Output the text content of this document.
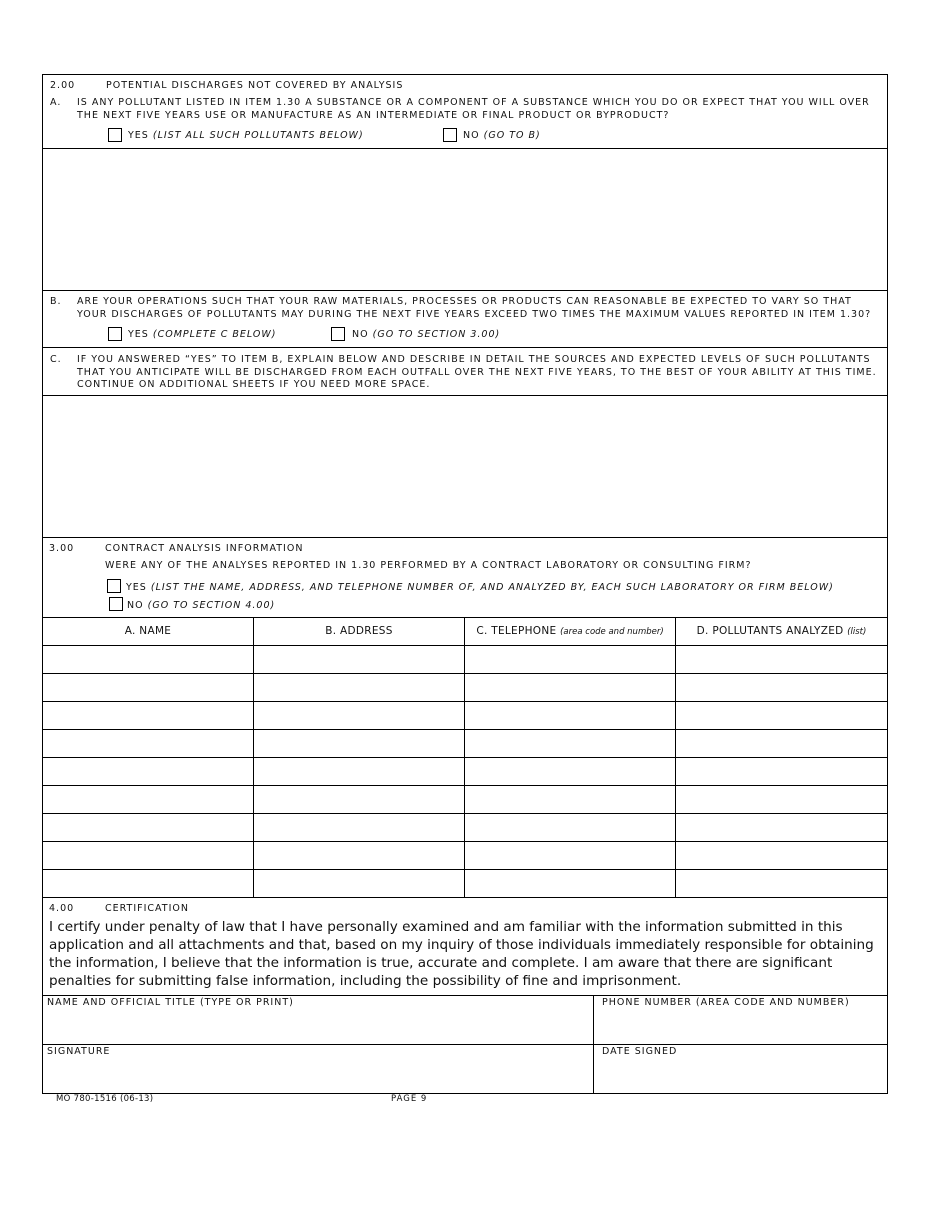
2.00	POTENTIAL DISCHARGES NOT COVERED BY ANALYSIS
A. IS ANY POLLUTANT LISTED IN ITEM 1.30 A SUBSTANCE OR A COMPONENT OF A SUBSTANCE WHICH YOU DO OR EXPECT THAT YOU WILL OVER THE NEXT FIVE YEARS USE OR MANUFACTURE AS AN INTERMEDIATE OR FINAL PRODUCT OR BYPRODUCT?
YES (LIST ALL SUCH POLLUTANTS BELOW)	NO (GO TO B)
B. ARE YOUR OPERATIONS SUCH THAT YOUR RAW MATERIALS, PROCESSES OR PRODUCTS CAN REASONABLE BE EXPECTED TO VARY SO THAT YOUR DISCHARGES OF POLLUTANTS MAY DURING THE NEXT FIVE YEARS EXCEED TWO TIMES THE MAXIMUM VALUES REPORTED IN ITEM 1.30?
YES (COMPLETE C BELOW)	NO (GO TO SECTION 3.00)
C. IF YOU ANSWERED “YES” TO ITEM B, EXPLAIN BELOW AND DESCRIBE IN DETAIL THE SOURCES AND EXPECTED LEVELS OF SUCH POLLUTANTS THAT YOU ANTICIPATE WILL BE DISCHARGED FROM EACH OUTFALL OVER THE NEXT FIVE YEARS, TO THE BEST OF YOUR ABILITY AT THIS TIME. CONTINUE ON ADDITIONAL SHEETS IF YOU NEED MORE SPACE.
3.00	CONTRACT ANALYSIS INFORMATION
WERE ANY OF THE ANALYSES REPORTED IN 1.30 PERFORMED BY A CONTRACT LABORATORY OR CONSULTING FIRM?
YES (LIST THE NAME, ADDRESS, AND TELEPHONE NUMBER OF, AND ANALYZED BY, EACH SUCH LABORATORY OR FIRM BELOW)
NO (GO TO SECTION 4.00)
A. NAME	B. ADDRESS	C. TELEPHONE (area code and number)	D. POLLUTANTS ANALYZED (list)
4.00	CERTIFICATION
I certify under penalty of law that I have personally examined and am familiar with the information submitted in this application and all attachments and that, based on my inquiry of those individuals immediately responsible for obtaining the information, I believe that the information is true, accurate and complete. I am aware that there are significant penalties for submitting false information, including the possibility of fine and imprisonment.
NAME AND OFFICIAL TITLE (TYPE OR PRINT)	PHONE NUMBER (AREA CODE AND NUMBER)
SIGNATURE	DATE SIGNED
MO 780-1516 (06-13)	PAGE 9
